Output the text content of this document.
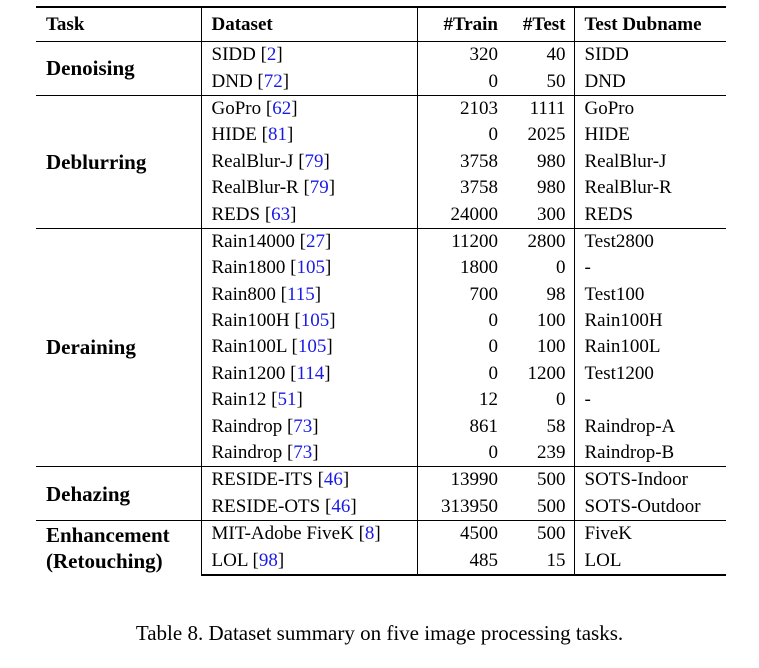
Task	Dataset	#Train	#Test	Test Dubname

Denoising	SIDD [2]	320	40	SIDD
	DND [72]	0	50	DND

Deblurring	GoPro [62]	2103	1111	GoPro
	HIDE [81]	0	2025	HIDE
	RealBlur-J [79]	3758	980	RealBlur-J
	RealBlur-R [79]	3758	980	RealBlur-R
	REDS [63]	24000	300	REDS

Deraining	Rain14000 [27]	11200	2800	Test2800
	Rain1800 [105]	1800	0	-
	Rain800 [115]	700	98	Test100
	Rain100H [105]	0	100	Rain100H
	Rain100L [105]	0	100	Rain100L
	Rain1200 [114]	0	1200	Test1200
	Rain12 [51]	12	0	-
	Raindrop [73]	861	58	Raindrop-A
	Raindrop [73]	0	239	Raindrop-B

Dehazing	RESIDE-ITS [46]	13990	500	SOTS-Indoor
	RESIDE-OTS [46]	313950	500	SOTS-Outdoor

Enhancement
(Retouching)	MIT-Adobe FiveK [8]	4500	500	FiveK
	LOL [98]	485	15	LOL
Table 8. Dataset summary on five image processing tasks.
